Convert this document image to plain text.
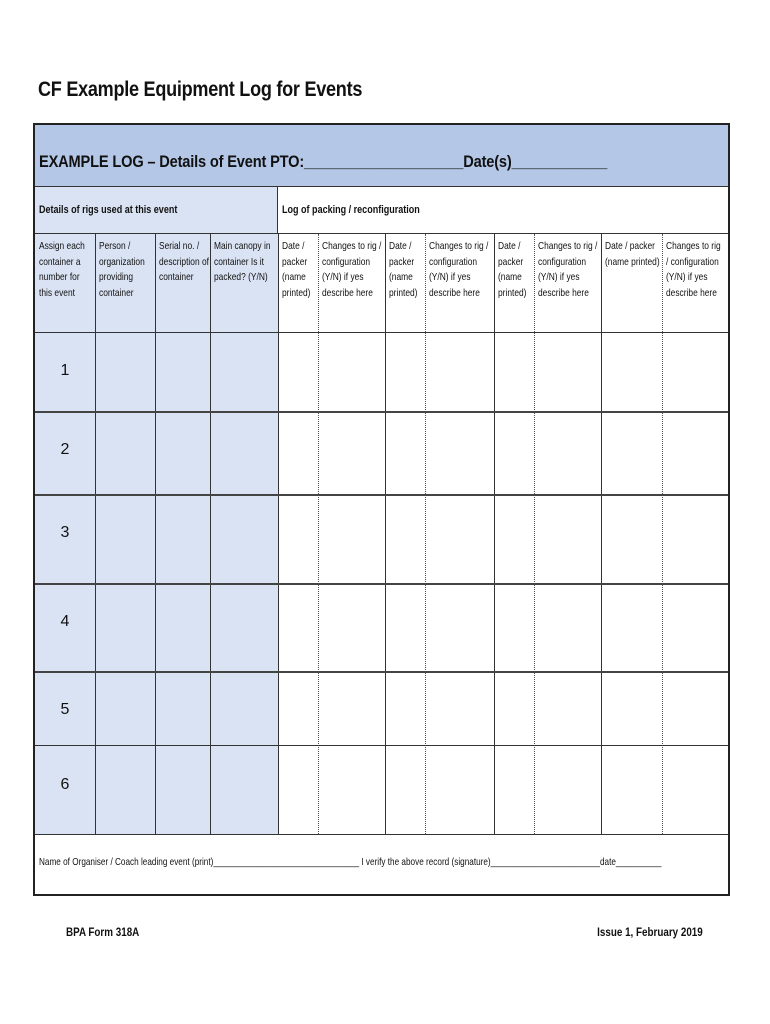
CF Example Equipment Log for Events
EXAMPLE LOG – Details of Event PTO:____________________Date(s)____________
Details of rigs used at this event	Log of packing / reconfiguration
Assign each container a number for this event
Person / organization providing container
Serial no. / description of container
Main canopy in container Is it packed? (Y/N)
Date / packer (name printed)
Changes to rig / configuration (Y/N) if yes describe here
Date / packer (name printed)
Changes to rig / configuration (Y/N) if yes describe here
Date / packer (name printed)
Changes to rig / configuration (Y/N) if yes describe here
Date / packer (name printed)
Changes to rig / configuration (Y/N) if yes describe here
1
2
3
4
5
6
Name of Organiser / Coach leading event (print)________________________________ I verify the above record (signature)________________________date__________
BPA Form 318A	Issue 1, February 2019
